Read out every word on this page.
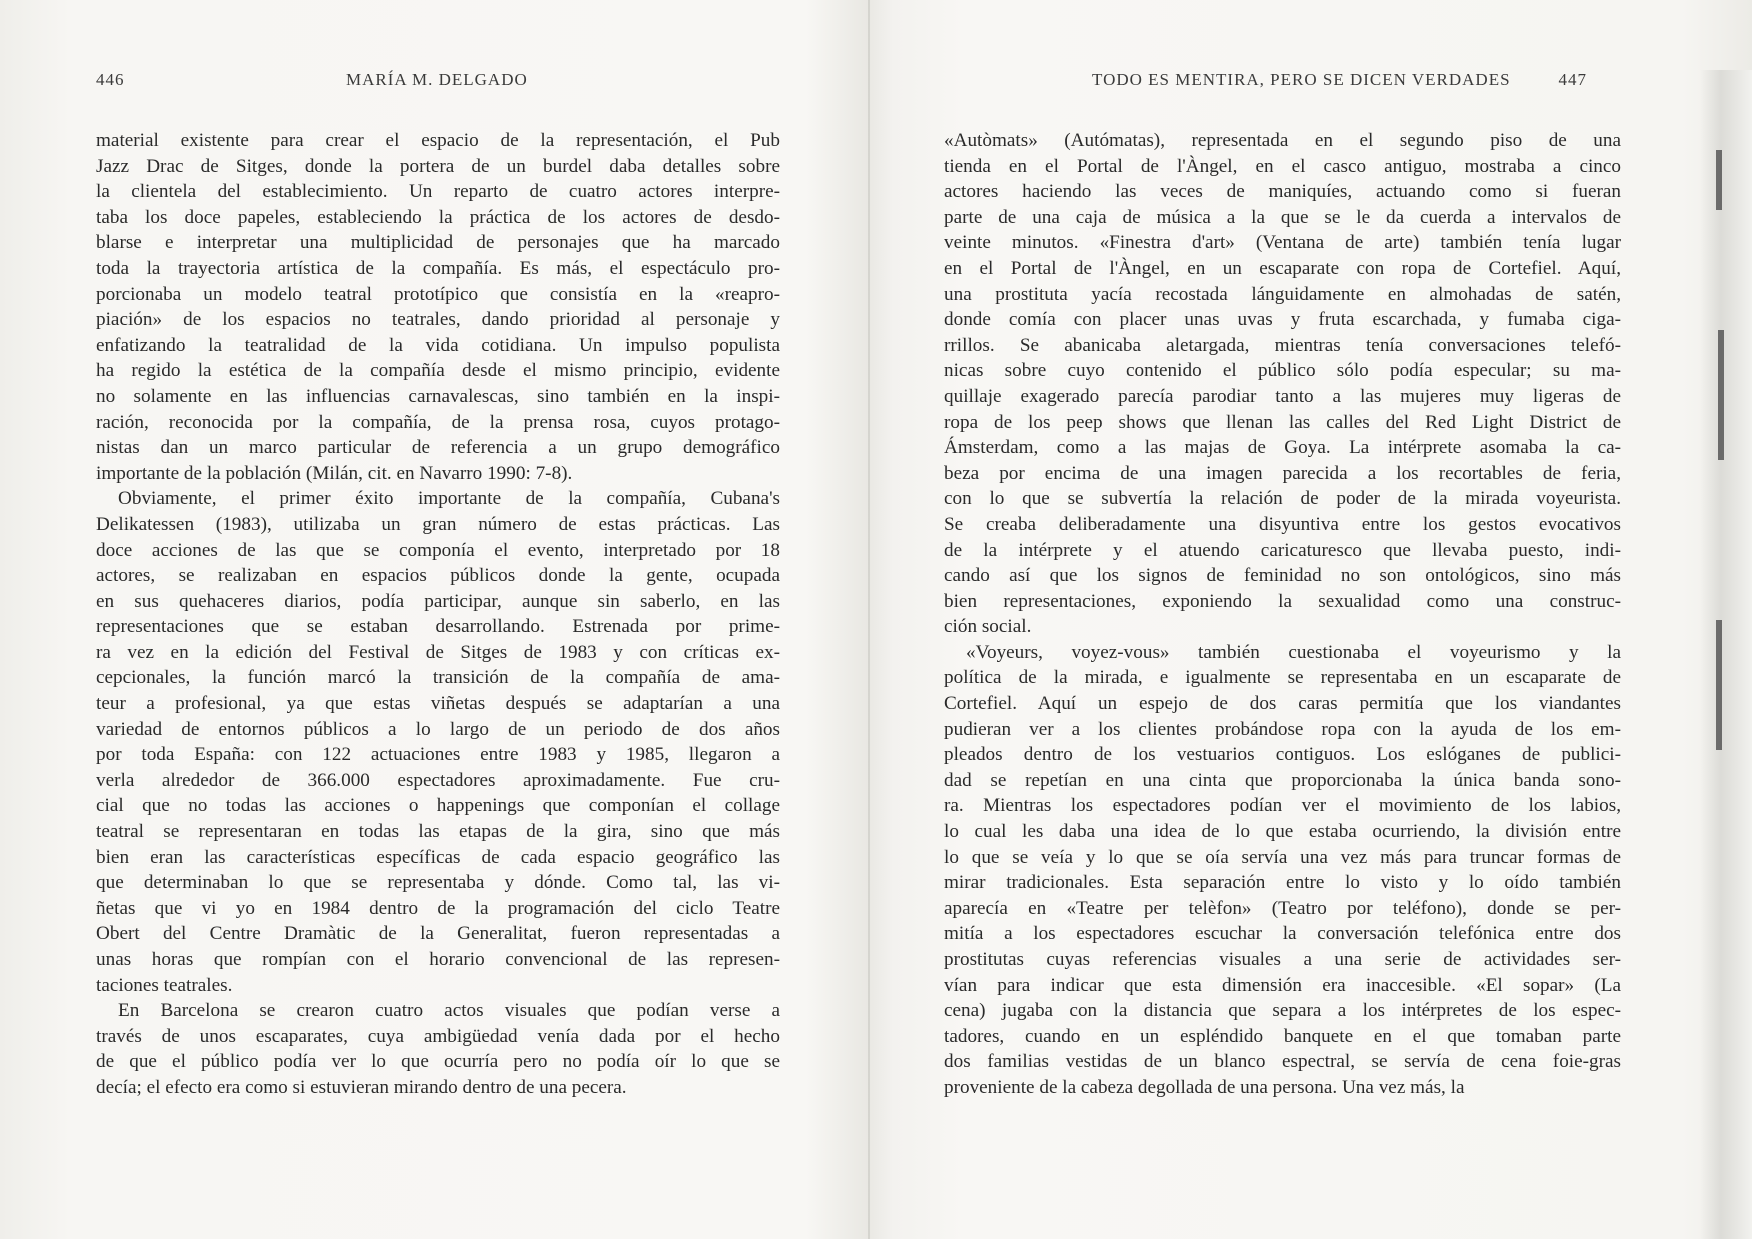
446	MARÍA M. DELGADO
material existente para crear el espacio de la representación, el Pub
Jazz Drac de Sitges, donde la portera de un burdel daba detalles sobre
la clientela del establecimiento. Un reparto de cuatro actores interpre-
taba los doce papeles, estableciendo la práctica de los actores de desdo-
blarse e interpretar una multiplicidad de personajes que ha marcado
toda la trayectoria artística de la compañía. Es más, el espectáculo pro-
porcionaba un modelo teatral prototípico que consistía en la «reapro-
piación» de los espacios no teatrales, dando prioridad al personaje y
enfatizando la teatralidad de la vida cotidiana. Un impulso populista
ha regido la estética de la compañía desde el mismo principio, evidente
no solamente en las influencias carnavalescas, sino también en la inspi-
ración, reconocida por la compañía, de la prensa rosa, cuyos protago-
nistas dan un marco particular de referencia a un grupo demográfico
importante de la población (Milán, cit. en Navarro 1990: 7-8).
Obviamente, el primer éxito importante de la compañía, Cubana's
Delikatessen (1983), utilizaba un gran número de estas prácticas. Las
doce acciones de las que se componía el evento, interpretado por 18
actores, se realizaban en espacios públicos donde la gente, ocupada
en sus quehaceres diarios, podía participar, aunque sin saberlo, en las
representaciones que se estaban desarrollando. Estrenada por prime-
ra vez en la edición del Festival de Sitges de 1983 y con críticas ex-
cepcionales, la función marcó la transición de la compañía de ama-
teur a profesional, ya que estas viñetas después se adaptarían a una
variedad de entornos públicos a lo largo de un periodo de dos años
por toda España: con 122 actuaciones entre 1983 y 1985, llegaron a
verla alrededor de 366.000 espectadores aproximadamente. Fue cru-
cial que no todas las acciones o happenings que componían el collage
teatral se representaran en todas las etapas de la gira, sino que más
bien eran las características específicas de cada espacio geográfico las
que determinaban lo que se representaba y dónde. Como tal, las vi-
ñetas que vi yo en 1984 dentro de la programación del ciclo Teatre
Obert del Centre Dramàtic de la Generalitat, fueron representadas a
unas horas que rompían con el horario convencional de las represen-
taciones teatrales.
En Barcelona se crearon cuatro actos visuales que podían verse a
través de unos escaparates, cuya ambigüedad venía dada por el hecho
de que el público podía ver lo que ocurría pero no podía oír lo que se
decía; el efecto era como si estuvieran mirando dentro de una pecera.
TODO ES MENTIRA, PERO SE DICEN VERDADES	447
«Autòmats» (Autómatas), representada en el segundo piso de una
tienda en el Portal de l'Àngel, en el casco antiguo, mostraba a cinco
actores haciendo las veces de maniquíes, actuando como si fueran
parte de una caja de música a la que se le da cuerda a intervalos de
veinte minutos. «Finestra d'art» (Ventana de arte) también tenía lugar
en el Portal de l'Àngel, en un escaparate con ropa de Cortefiel. Aquí,
una prostituta yacía recostada lánguidamente en almohadas de satén,
donde comía con placer unas uvas y fruta escarchada, y fumaba ciga-
rrillos. Se abanicaba aletargada, mientras tenía conversaciones telefó-
nicas sobre cuyo contenido el público sólo podía especular; su ma-
quillaje exagerado parecía parodiar tanto a las mujeres muy ligeras de
ropa de los peep shows que llenan las calles del Red Light District de
Ámsterdam, como a las majas de Goya. La intérprete asomaba la ca-
beza por encima de una imagen parecida a los recortables de feria,
con lo que se subvertía la relación de poder de la mirada voyeurista.
Se creaba deliberadamente una disyuntiva entre los gestos evocativos
de la intérprete y el atuendo caricaturesco que llevaba puesto, indi-
cando así que los signos de feminidad no son ontológicos, sino más
bien representaciones, exponiendo la sexualidad como una construc-
ción social.
«Voyeurs, voyez-vous» también cuestionaba el voyeurismo y la
política de la mirada, e igualmente se representaba en un escaparate de
Cortefiel. Aquí un espejo de dos caras permitía que los viandantes
pudieran ver a los clientes probándose ropa con la ayuda de los em-
pleados dentro de los vestuarios contiguos. Los eslóganes de publici-
dad se repetían en una cinta que proporcionaba la única banda sono-
ra. Mientras los espectadores podían ver el movimiento de los labios,
lo cual les daba una idea de lo que estaba ocurriendo, la división entre
lo que se veía y lo que se oía servía una vez más para truncar formas de
mirar tradicionales. Esta separación entre lo visto y lo oído también
aparecía en «Teatre per telèfon» (Teatro por teléfono), donde se per-
mitía a los espectadores escuchar la conversación telefónica entre dos
prostitutas cuyas referencias visuales a una serie de actividades ser-
vían para indicar que esta dimensión era inaccesible. «El sopar» (La
cena) jugaba con la distancia que separa a los intérpretes de los espec-
tadores, cuando en un espléndido banquete en el que tomaban parte
dos familias vestidas de un blanco espectral, se servía de cena foie-gras
proveniente de la cabeza degollada de una persona. Una vez más, la
